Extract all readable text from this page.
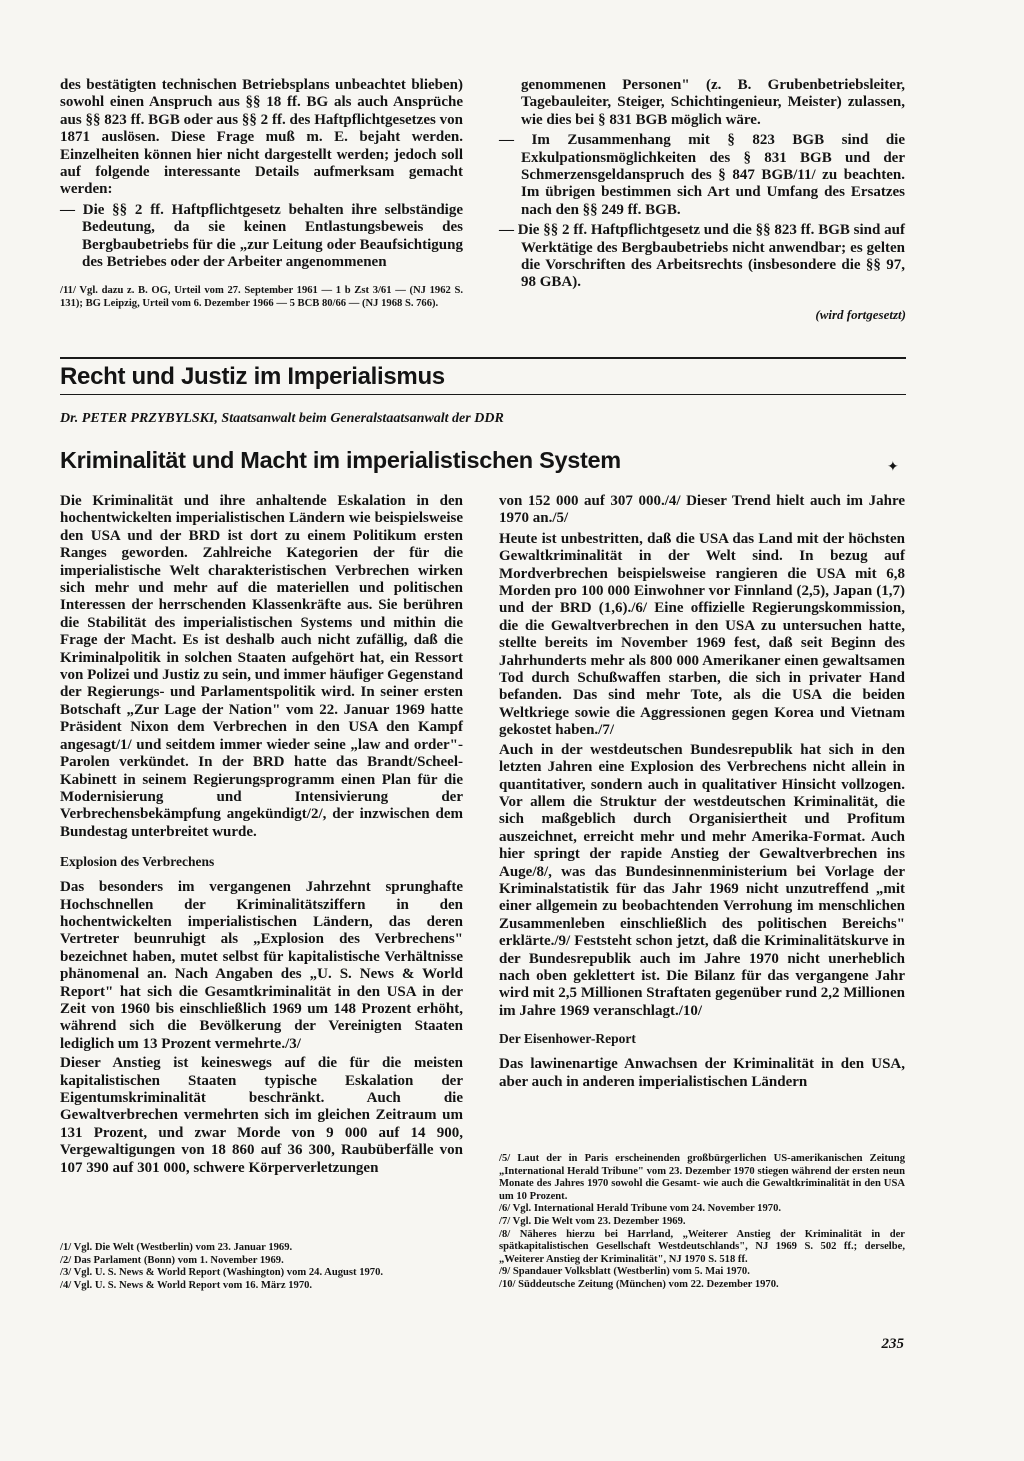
des bestätigten technischen Betriebsplans unbeachtet blieben) sowohl einen Anspruch aus §§ 18 ff. BG als auch Ansprüche aus §§ 823 ff. BGB oder aus §§ 2 ff. des Haftpflichtgesetzes von 1871 auslösen. Diese Frage muß m. E. bejaht werden. Einzelheiten können hier nicht dargestellt werden; jedoch soll auf folgende interessante Details aufmerksam gemacht werden:

— Die §§ 2 ff. Haftpflichtgesetz behalten ihre selbständige Bedeutung, da sie keinen Entlastungsbeweis des Bergbaubetriebs für die „zur Leitung oder Beaufsichtigung des Betriebes oder der Arbeiter angenommenen

/11/ Vgl. dazu z. B. OG, Urteil vom 27. September 1961 — 1 b Zst 3/61 — (NJ 1962 S. 131); BG Leipzig, Urteil vom 6. Dezember 1966 — 5 BCB 80/66 — (NJ 1968 S. 766).

genommenen Personen" (z. B. Grubenbetriebsleiter, Tagebauleiter, Steiger, Schichtingenieur, Meister) zulassen, wie dies bei § 831 BGB möglich wäre.

— Im Zusammenhang mit § 823 BGB sind die Exkulpationsmöglichkeiten des § 831 BGB und der Schmerzensgeldanspruch des § 847 BGB/11/ zu beachten. Im übrigen bestimmen sich Art und Umfang des Ersatzes nach den §§ 249 ff. BGB.

— Die §§ 2 ff. Haftpflichtgesetz und die §§ 823 ff. BGB sind auf Werktätige des Bergbaubetriebs nicht anwendbar; es gelten die Vorschriften des Arbeitsrechts (insbesondere die §§ 97, 98 GBA).

(wird fortgesetzt)

Recht und Justiz im Imperialismus

Dr. PETER PRZYBYLSKI, Staatsanwalt beim Generalstaatsanwalt der DDR

Kriminalität und Macht im imperialistischen System	✦

Die Kriminalität und ihre anhaltende Eskalation in den hochentwickelten imperialistischen Ländern wie beispielsweise den USA und der BRD ist dort zu einem Politikum ersten Ranges geworden. Zahlreiche Kategorien der für die imperialistische Welt charakteristischen Verbrechen wirken sich mehr und mehr auf die materiellen und politischen Interessen der herrschenden Klassenkräfte aus. Sie berühren die Stabilität des imperialistischen Systems und mithin die Frage der Macht. Es ist deshalb auch nicht zufällig, daß die Kriminalpolitik in solchen Staaten aufgehört hat, ein Ressort von Polizei und Justiz zu sein, und immer häufiger Gegenstand der Regierungs- und Parlamentspolitik wird. In seiner ersten Botschaft „Zur Lage der Nation" vom 22. Januar 1969 hatte Präsident Nixon dem Verbrechen in den USA den Kampf angesagt/1/ und seitdem immer wieder seine „law and order"-Parolen verkündet. In der BRD hatte das Brandt/Scheel-Kabinett in seinem Regierungsprogramm einen Plan für die Modernisierung und Intensivierung der Verbrechensbekämpfung angekündigt/2/, der inzwischen dem Bundestag unterbreitet wurde.

Explosion des Verbrechens

Das besonders im vergangenen Jahrzehnt sprunghafte Hochschnellen der Kriminalitätsziffern in den hochentwickelten imperialistischen Ländern, das deren Vertreter beunruhigt als „Explosion des Verbrechens" bezeichnet haben, mutet selbst für kapitalistische Verhältnisse phänomenal an. Nach Angaben des „U. S. News & World Report" hat sich die Gesamtkriminalität in den USA in der Zeit von 1960 bis einschließlich 1969 um 148 Prozent erhöht, während sich die Bevölkerung der Vereinigten Staaten lediglich um 13 Prozent vermehrte./3/

Dieser Anstieg ist keineswegs auf die für die meisten kapitalistischen Staaten typische Eskalation der Eigentumskriminalität beschränkt. Auch die Gewaltverbrechen vermehrten sich im gleichen Zeitraum um 131 Prozent, und zwar Morde von 9 000 auf 14 900, Vergewaltigungen von 18 860 auf 36 300, Raubüberfälle von 107 390 auf 301 000, schwere Körperverletzungen

/1/ Vgl. Die Welt (Westberlin) vom 23. Januar 1969.

/2/ Das Parlament (Bonn) vom 1. November 1969.

/3/ Vgl. U. S. News & World Report (Washington) vom 24. August 1970.

/4/ Vgl. U. S. News & World Report vom 16. März 1970.

von 152 000 auf 307 000./4/ Dieser Trend hielt auch im Jahre 1970 an./5/

Heute ist unbestritten, daß die USA das Land mit der höchsten Gewaltkriminalität in der Welt sind. In bezug auf Mordverbrechen beispielsweise rangieren die USA mit 6,8 Morden pro 100 000 Einwohner vor Finnland (2,5), Japan (1,7) und der BRD (1,6)./6/ Eine offizielle Regierungskommission, die die Gewaltverbrechen in den USA zu untersuchen hatte, stellte bereits im November 1969 fest, daß seit Beginn des Jahrhunderts mehr als 800 000 Amerikaner einen gewaltsamen Tod durch Schußwaffen starben, die sich in privater Hand befanden. Das sind mehr Tote, als die USA die beiden Weltkriege sowie die Aggressionen gegen Korea und Vietnam gekostet haben./7/

Auch in der westdeutschen Bundesrepublik hat sich in den letzten Jahren eine Explosion des Verbrechens nicht allein in quantitativer, sondern auch in qualitativer Hinsicht vollzogen. Vor allem die Struktur der westdeutschen Kriminalität, die sich maßgeblich durch Organisiertheit und Profitum auszeichnet, erreicht mehr und mehr Amerika-Format. Auch hier springt der rapide Anstieg der Gewaltverbrechen ins Auge/8/, was das Bundesinnenministerium bei Vorlage der Kriminalstatistik für das Jahr 1969 nicht unzutreffend „mit einer allgemein zu beobachtenden Verrohung im menschlichen Zusammenleben einschließlich des politischen Bereichs" erklärte./9/ Feststeht schon jetzt, daß die Kriminalitätskurve in der Bundesrepublik auch im Jahre 1970 nicht unerheblich nach oben geklettert ist. Die Bilanz für das vergangene Jahr wird mit 2,5 Millionen Straftaten gegenüber rund 2,2 Millionen im Jahre 1969 veranschlagt./10/

Der Eisenhower-Report

Das lawinenartige Anwachsen der Kriminalität in den USA, aber auch in anderen imperialistischen Ländern

/5/ Laut der in Paris erscheinenden großbürgerlichen US-amerikanischen Zeitung „International Herald Tribune" vom 23. Dezember 1970 stiegen während der ersten neun Monate des Jahres 1970 sowohl die Gesamt- wie auch die Gewaltkriminalität in den USA um 10 Prozent.

/6/ Vgl. International Herald Tribune vom 24. November 1970.

/7/ Vgl. Die Welt vom 23. Dezember 1969.

/8/ Näheres hierzu bei Harrland, „Weiterer Anstieg der Kriminalität in der spätkapitalistischen Gesellschaft Westdeutschlands", NJ 1969 S. 502 ff.; derselbe, „Weiterer Anstieg der Kriminalität", NJ 1970 S. 518 ff.

/9/ Spandauer Volksblatt (Westberlin) vom 5. Mai 1970.

/10/ Süddeutsche Zeitung (München) vom 22. Dezember 1970.

235
